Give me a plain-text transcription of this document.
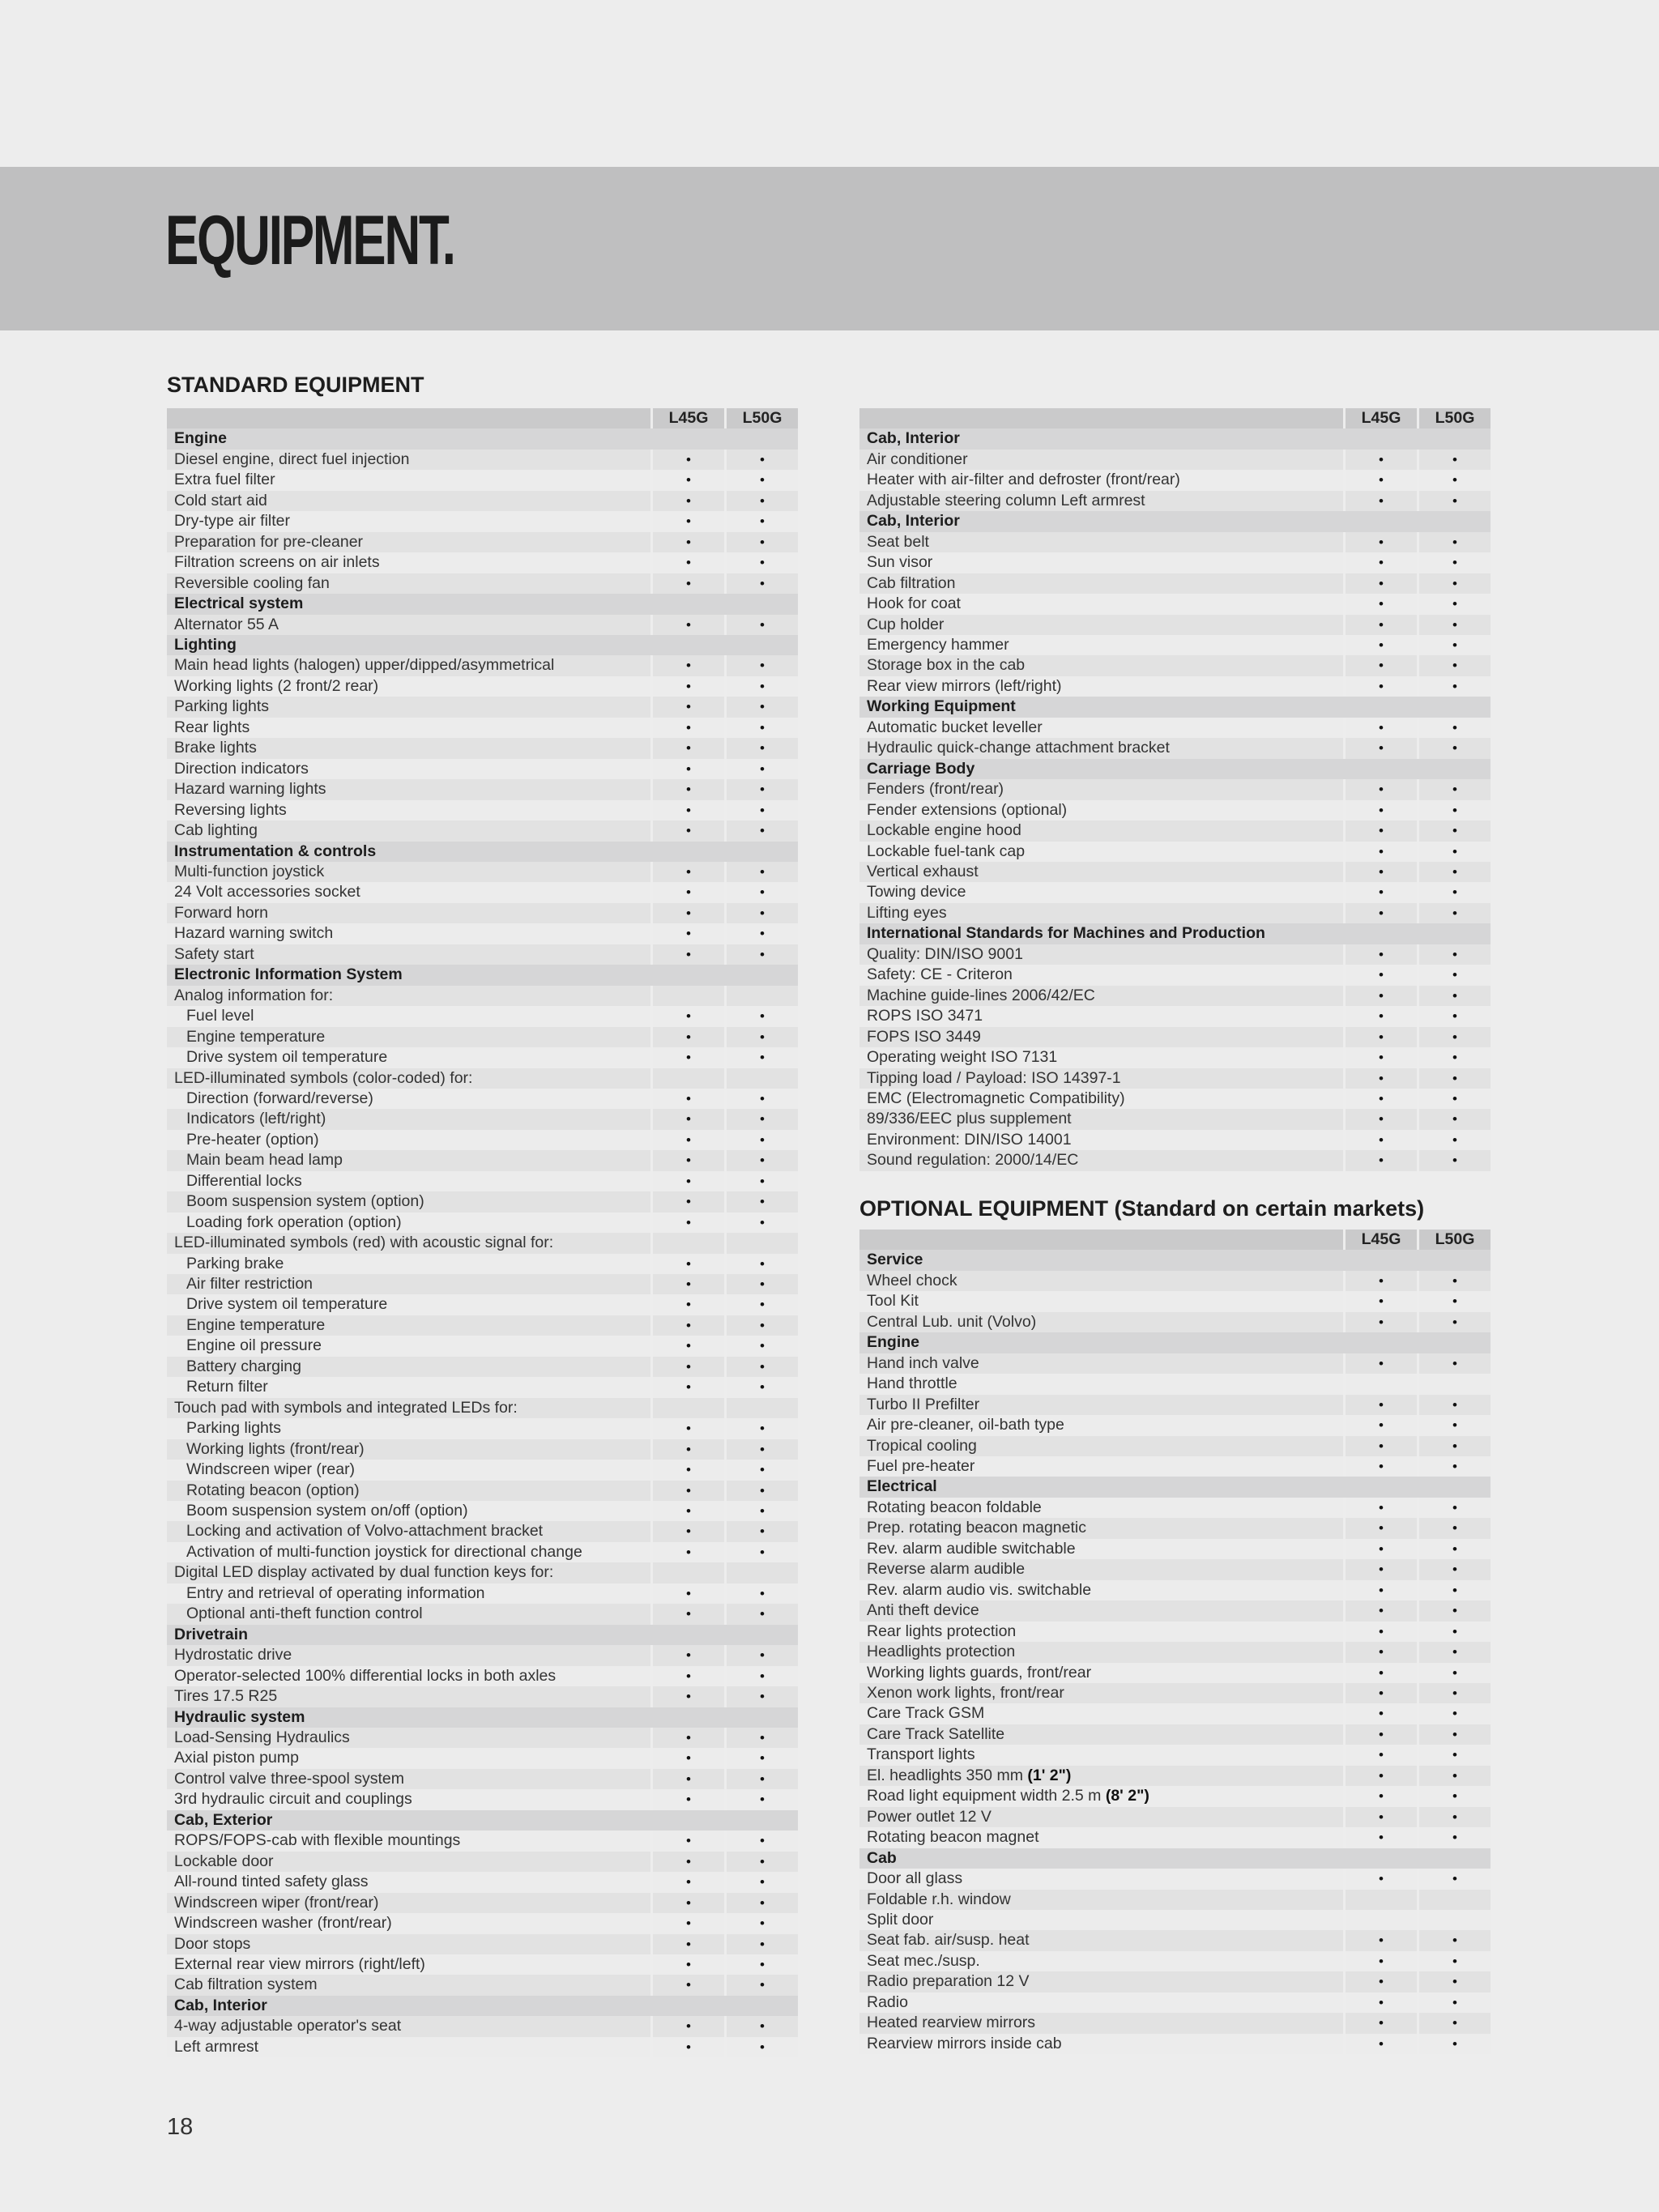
EQUIPMENT.
STANDARD EQUIPMENT
	L45G	L50G
Engine		
Diesel engine, direct fuel injection	•	•
Extra fuel filter	•	•
Cold start aid	•	•
Dry-type air filter	•	•
Preparation for pre-cleaner	•	•
Filtration screens on air inlets	•	•
Reversible cooling fan	•	•
Electrical system		
Alternator 55 A	•	•
Lighting		
Main head lights (halogen) upper/dipped/asymmetrical	•	•
Working lights (2 front/2 rear)	•	•
Parking lights	•	•
Rear lights	•	•
Brake lights	•	•
Direction indicators	•	•
Hazard warning lights	•	•
Reversing lights	•	•
Cab lighting	•	•
Instrumentation & controls		
Multi-function joystick	•	•
24 Volt accessories socket	•	•
Forward horn	•	•
Hazard warning switch	•	•
Safety start	•	•
Electronic Information System		
Analog information for:		
Fuel level	•	•
Engine temperature	•	•
Drive system oil temperature	•	•
LED-illuminated symbols (color-coded) for:		
Direction (forward/reverse)	•	•
Indicators (left/right)	•	•
Pre-heater (option)	•	•
Main beam head lamp	•	•
Differential locks	•	•
Boom suspension system (option)	•	•
Loading fork operation (option)	•	•
LED-illuminated symbols (red) with acoustic signal for:		
Parking brake	•	•
Air filter restriction	•	•
Drive system oil temperature	•	•
Engine temperature	•	•
Engine oil pressure	•	•
Battery charging	•	•
Return filter	•	•
Touch pad with symbols and integrated LEDs for:		
Parking lights	•	•
Working lights (front/rear)	•	•
Windscreen wiper (rear)	•	•
Rotating beacon (option)	•	•
Boom suspension system on/off (option)	•	•
Locking and activation of Volvo-attachment bracket	•	•
Activation of multi-function joystick for directional change	•	•
Digital LED display activated by dual function keys for:		
Entry and retrieval of operating information	•	•
Optional anti-theft function control	•	•
Drivetrain		
Hydrostatic drive	•	•
Operator-selected 100% differential locks in both axles	•	•
Tires 17.5 R25	•	•
Hydraulic system		
Load-Sensing Hydraulics	•	•
Axial piston pump	•	•
Control valve three-spool system	•	•
3rd hydraulic circuit and couplings	•	•
Cab, Exterior		
ROPS/FOPS-cab with flexible mountings	•	•
Lockable door	•	•
All-round tinted safety glass	•	•
Windscreen wiper (front/rear)	•	•
Windscreen washer (front/rear)	•	•
Door stops	•	•
External rear view mirrors (right/left)	•	•
Cab filtration system	•	•
Cab, Interior		
4-way adjustable operator's seat	•	•
Left armrest	•	•
	L45G	L50G
Cab, Interior		
Air conditioner	•	•
Heater with air-filter and defroster (front/rear)	•	•
Adjustable steering column Left armrest	•	•
Cab, Interior		
Seat belt	•	•
Sun visor	•	•
Cab filtration	•	•
Hook for coat	•	•
Cup holder	•	•
Emergency hammer	•	•
Storage box in the cab	•	•
Rear view mirrors (left/right)	•	•
Working Equipment		
Automatic bucket leveller	•	•
Hydraulic quick-change attachment bracket	•	•
Carriage Body		
Fenders (front/rear)	•	•
Fender extensions (optional)	•	•
Lockable engine hood	•	•
Lockable fuel-tank cap	•	•
Vertical exhaust	•	•
Towing device	•	•
Lifting eyes	•	•
International Standards for Machines and Production		
Quality: DIN/ISO 9001	•	•
Safety: CE - Criteron	•	•
Machine guide-lines 2006/42/EC	•	•
ROPS ISO 3471	•	•
FOPS ISO 3449	•	•
Operating weight ISO 7131	•	•
Tipping load / Payload: ISO 14397-1	•	•
EMC (Electromagnetic Compatibility)	•	•
89/336/EEC plus supplement	•	•
Environment: DIN/ISO 14001	•	•
Sound regulation: 2000/14/EC	•	•
OPTIONAL EQUIPMENT (Standard on certain markets)
	L45G	L50G
Service		
Wheel chock	•	•
Tool Kit	•	•
Central Lub. unit (Volvo)	•	•
Engine		
Hand inch valve	•	•
Hand throttle		
Turbo II Prefilter	•	•
Air pre-cleaner, oil-bath type	•	•
Tropical cooling	•	•
Fuel pre-heater	•	•
Electrical		
Rotating beacon foldable	•	•
Prep. rotating beacon magnetic	•	•
Rev. alarm audible switchable	•	•
Reverse alarm audible	•	•
Rev. alarm audio vis. switchable	•	•
Anti theft device	•	•
Rear lights protection	•	•
Headlights protection	•	•
Working lights guards, front/rear	•	•
Xenon work lights, front/rear	•	•
Care Track GSM	•	•
Care Track Satellite	•	•
Transport lights	•	•
El. headlights 350 mm (1' 2")	•	•
Road light equipment width 2.5 m (8' 2")	•	•
Power outlet 12 V	•	•
Rotating beacon magnet	•	•
Cab		
Door all glass	•	•
Foldable r.h. window		
Split door		
Seat fab. air/susp. heat	•	•
Seat mec./susp.	•	•
Radio preparation 12 V	•	•
Radio	•	•
Heated rearview mirrors	•	•
Rearview mirrors inside cab	•	•
18
